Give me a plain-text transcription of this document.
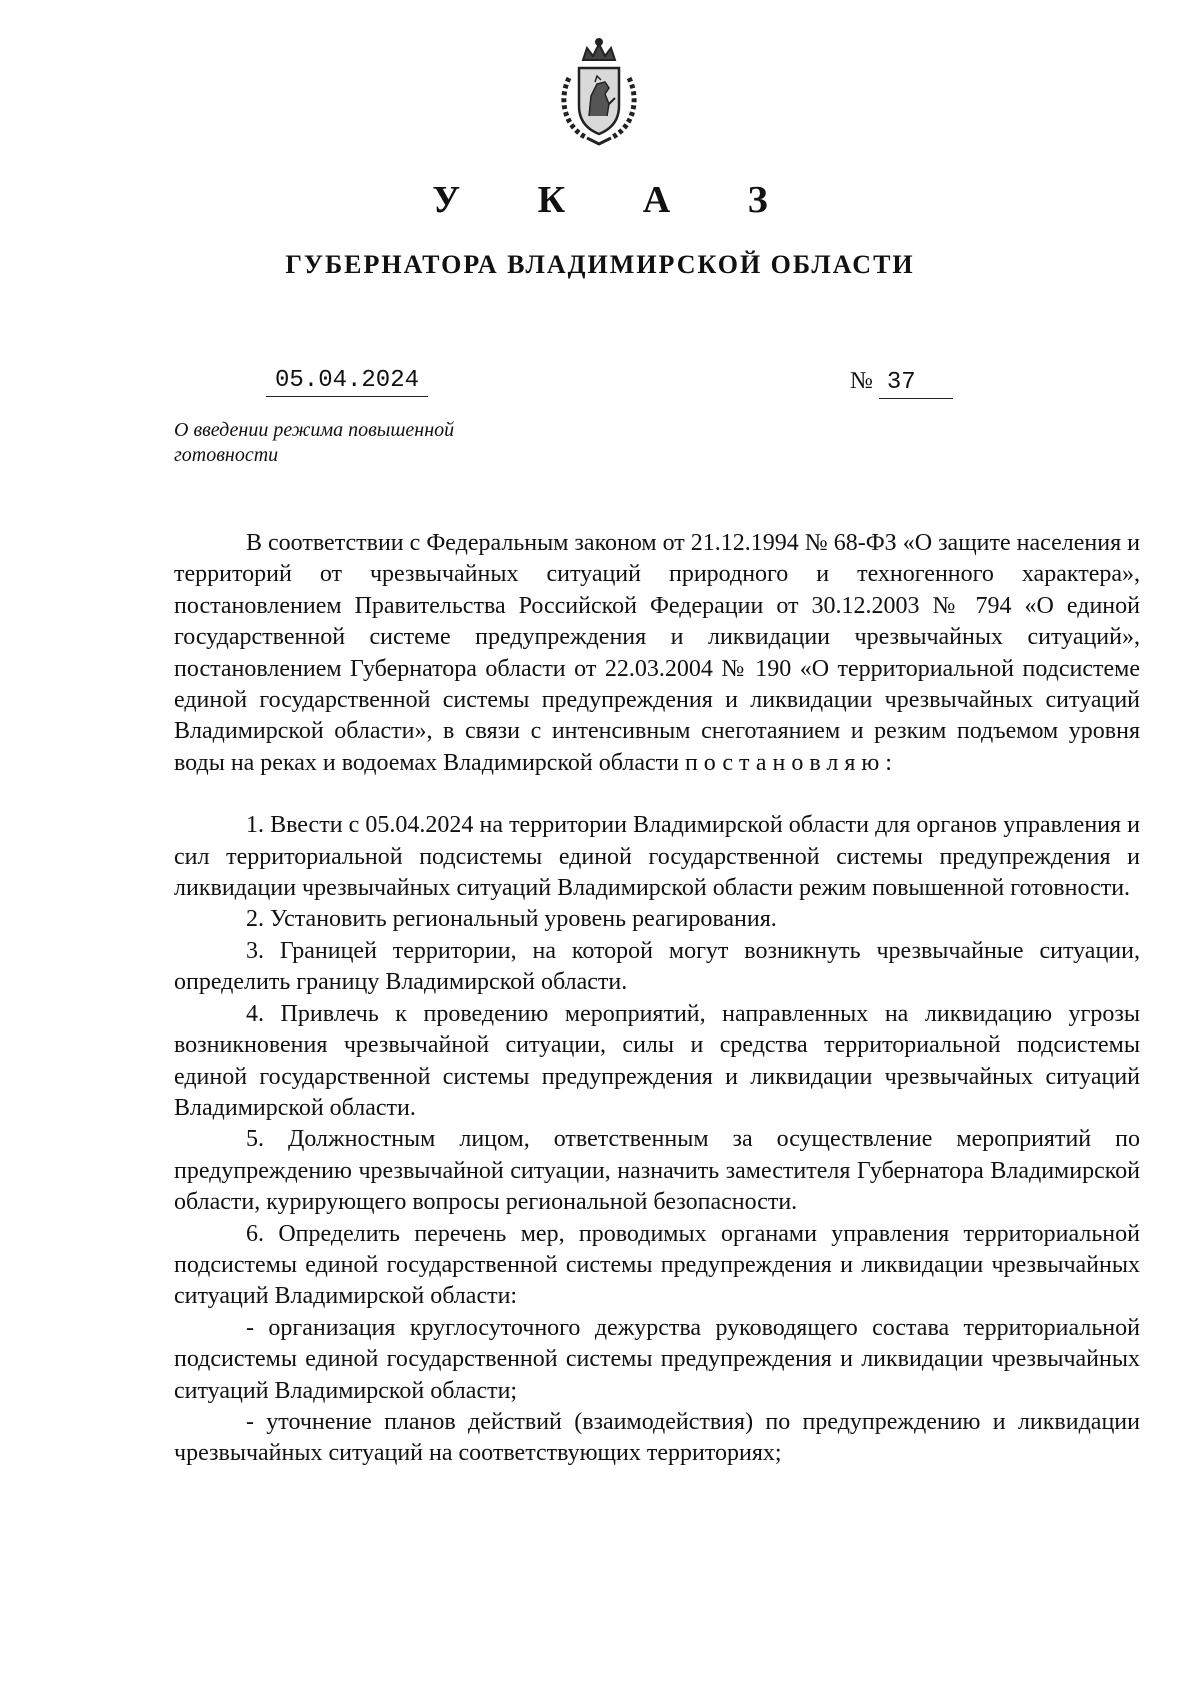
У К А З
ГУБЕРНАТОРА ВЛАДИМИРСКОЙ ОБЛАСТИ
05.04.2024	№ 37
О введении режима повышенной готовности

В соответствии с Федеральным законом от 21.12.1994 № 68-ФЗ «О защите населения и территорий от чрезвычайных ситуаций природного и техногенного характера», постановлением Правительства Российской Федерации от 30.12.2003 № 794 «О единой государственной системе предупреждения и ликвидации чрезвычайных ситуаций», постановлением Губернатора области от 22.03.2004 № 190 «О территориальной подсистеме единой государственной системы предупреждения и ликвидации чрезвычайных ситуаций Владимирской области», в связи с интенсивным снеготаянием и резким подъемом уровня воды на реках и водоемах Владимирской области постановляю:

1. Ввести с 05.04.2024 на территории Владимирской области для органов управления и сил территориальной подсистемы единой государственной системы предупреждения и ликвидации чрезвычайных ситуаций Владимирской области режим повышенной готовности.

2. Установить региональный уровень реагирования.

3. Границей территории, на которой могут возникнуть чрезвычайные ситуации, определить границу Владимирской области.

4. Привлечь к проведению мероприятий, направленных на ликвидацию угрозы возникновения чрезвычайной ситуации, силы и средства территориальной подсистемы единой государственной системы предупреждения и ликвидации чрезвычайных ситуаций Владимирской области.

5. Должностным лицом, ответственным за осуществление мероприятий по предупреждению чрезвычайной ситуации, назначить заместителя Губернатора Владимирской области, курирующего вопросы региональной безопасности.

6. Определить перечень мер, проводимых органами управления территориальной подсистемы единой государственной системы предупреждения и ликвидации чрезвычайных ситуаций Владимирской области:

- организация круглосуточного дежурства руководящего состава территориальной подсистемы единой государственной системы предупреждения и ликвидации чрезвычайных ситуаций Владимирской области;

- уточнение планов действий (взаимодействия) по предупреждению и ликвидации чрезвычайных ситуаций на соответствующих территориях;
